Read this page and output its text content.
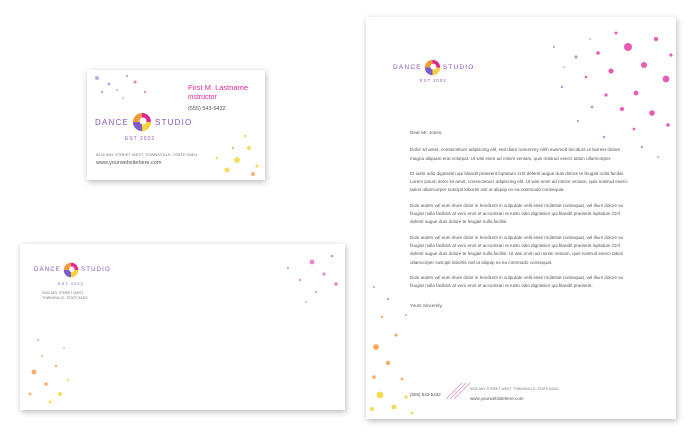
DANCE	STUDIO
EST 2002
First M. Lastname
instructor
(555) 543-5432
5432 ANY STREET WEST, TOWNSVILLE, STATE 54321
www.yourwebsitehere.com
DANCE	STUDIO
EST 2002
5432 ANY STREET WEST
TOWNSVILLE, STATE 54321
DANCE	STUDIO
EST 2002

Dear Mr. Jones,

Dolor sit amet, consectetuer adipiscing elit, sed diam nonummy nibh euismod tincidunt ut laoreet dolore magna aliquam erat volutpat. Ut wisi enim ad minim veniam, quis nostrud exerci tation ullamcorper.

Et iusto odio dignissim qui blandit praesent luptatum zzril delenit augue duis dolore te feugait nulla facilisi. Lorem ipsum dolor sit amet, consectetuer adipiscing elit. Ut wisi enim ad minim veniam, quis nostrud exerci tation ullamcorper suscipit lobortis nisl ut aliquip ex ea commodo consequat.

Duis autem vel eum iriure dolor in hendrerit in vulputate velit esse molestie consequat, vel illum dolore eu feugiat nulla facilisis at vero eros et accumsan et iusto odio dignissim qui blandit praesent luptatum zzril delenit augue duis dolore te feugait nulla facilisi.

Duis autem vel eum iriure dolor in hendrerit in vulputate velit esse molestie consequat, vel illum dolore eu feugiat nulla facilisis at vero eros et accumsan et iusto odio dignissim qui blandit praesent luptatum zzril delenit augue duis dolore te feugait nulla facilisi. Ut wisi enim ad minim veniam, quis nostrud exerci tation ullamcorper suscipit lobortis nisl ut aliquip ex ea commodo consequat.

Duis autem vel eum iriure dolor in hendrerit in vulputate velit esse molestie consequat, vel illum dolore eu feugiat nulla facilisis at vero eros et accumsan et iusto odio dignissim qui blandit praesent.

Yours Sincerely,

(555) 543-5432
5432 ANY STREET WEST, TOWNSVILLE, STATE 54321
www.yourwebsitehere.com
